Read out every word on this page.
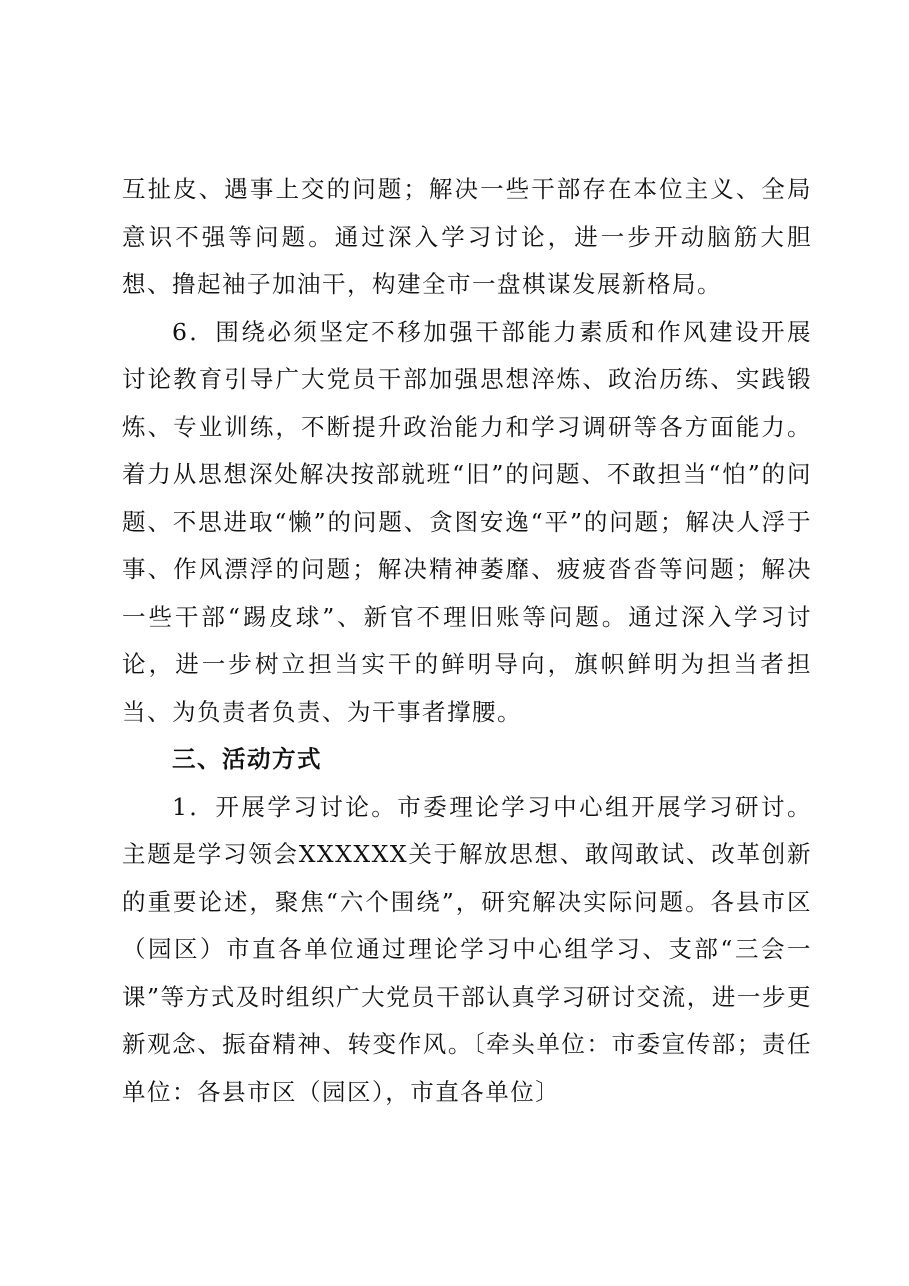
互扯皮、遇事上交的问题；解决一些干部存在本位主义、全局意识不强等问题。通过深入学习讨论，进一步开动脑筋大胆想、撸起袖子加油干，构建全市一盘棋谋发展新格局。

6．围绕必须坚定不移加强干部能力素质和作风建设开展讨论教育引导广大党员干部加强思想淬炼、政治历练、实践锻炼、专业训练，不断提升政治能力和学习调研等各方面能力。着力从思想深处解决按部就班“旧”的问题、不敢担当“怕”的问题、不思进取“懒”的问题、贪图安逸“平”的问题；解决人浮于事、作风漂浮的问题；解决精神萎靡、疲疲沓沓等问题；解决一些干部“踢皮球”、新官不理旧账等问题。通过深入学习讨论，进一步树立担当实干的鲜明导向，旗帜鲜明为担当者担当、为负责者负责、为干事者撑腰。

三、活动方式

1．开展学习讨论。市委理论学习中心组开展学习研讨。主题是学习领会XXXXXX关于解放思想、敢闯敢试、改革创新的重要论述，聚焦“六个围绕”，研究解决实际问题。各县市区（园区）市直各单位通过理论学习中心组学习、支部“三会一课”等方式及时组织广大党员干部认真学习研讨交流，进一步更新观念、振奋精神、转变作风。〔牵头单位：市委宣传部；责任单位：各县市区（园区），市直各单位〕
